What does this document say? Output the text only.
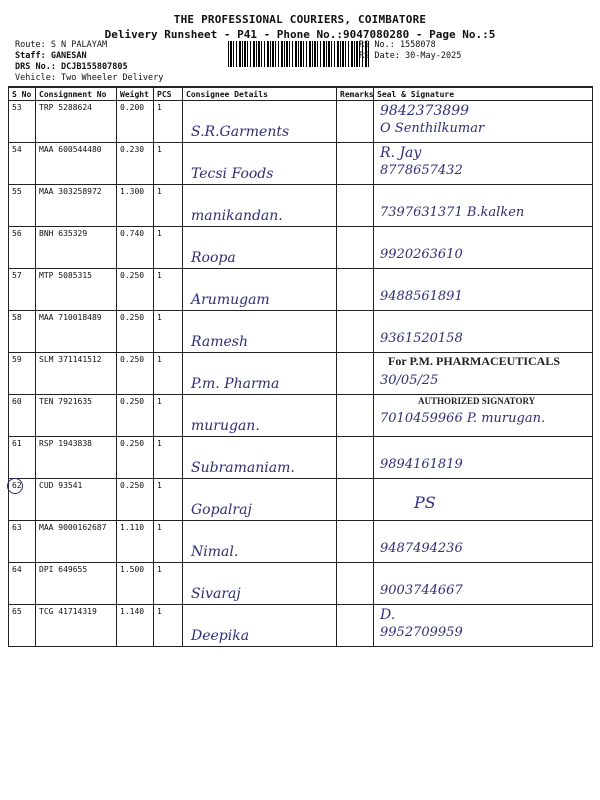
THE PROFESSIONAL COURIERS, COIMBATORE
Delivery Runsheet - P41 - Phone No.:9047080280 - Page No.:5
Route: S N PALAYAM
Staff: GANESAN
DRS No.: DCJB155807805
Vehicle: Two Wheeler Delivery
RS No.: 1558078
RS Date: 30-May-2025
S No	Consignment No	Weight	PCS	Consignee Details	Remarks	Seal & Signature
53	TRP 5288624	0.200	1	S.R.Garments		9842373899
O Senthilkumar

54	MAA 600544480	0.230	1	Tecsi Foods		R. Jay
8778657432

55	MAA 303258972	1.300	1	manikandan.		7397631371 B.kalken

56	BNH 635329	0.740	1	Roopa		9920263610

57	MTP 5085315	0.250	1	Arumugam		9488561891

58	MAA 710018489	0.250	1	Ramesh		9361520158

59	SLM 371141512	0.250	1	P.m. Pharma		For P.M. PHARMACEUTICALS
30/05/25

60	TEN 7921635	0.250	1	murugan.		AUTHORIZED SIGNATORY
7010459966 P. murugan.

61	RSP 1943838	0.250	1	Subramaniam.		9894161819

62	CUD 93541	0.250	1	Gopalraj		PS

63	MAA 9000162687	1.110	1	Nimal.		9487494236

64	DPI 649655	1.500	1	Sivaraj		9003744667

65	TCG 41714319	1.140	1	Deepika		D.
9952709959
